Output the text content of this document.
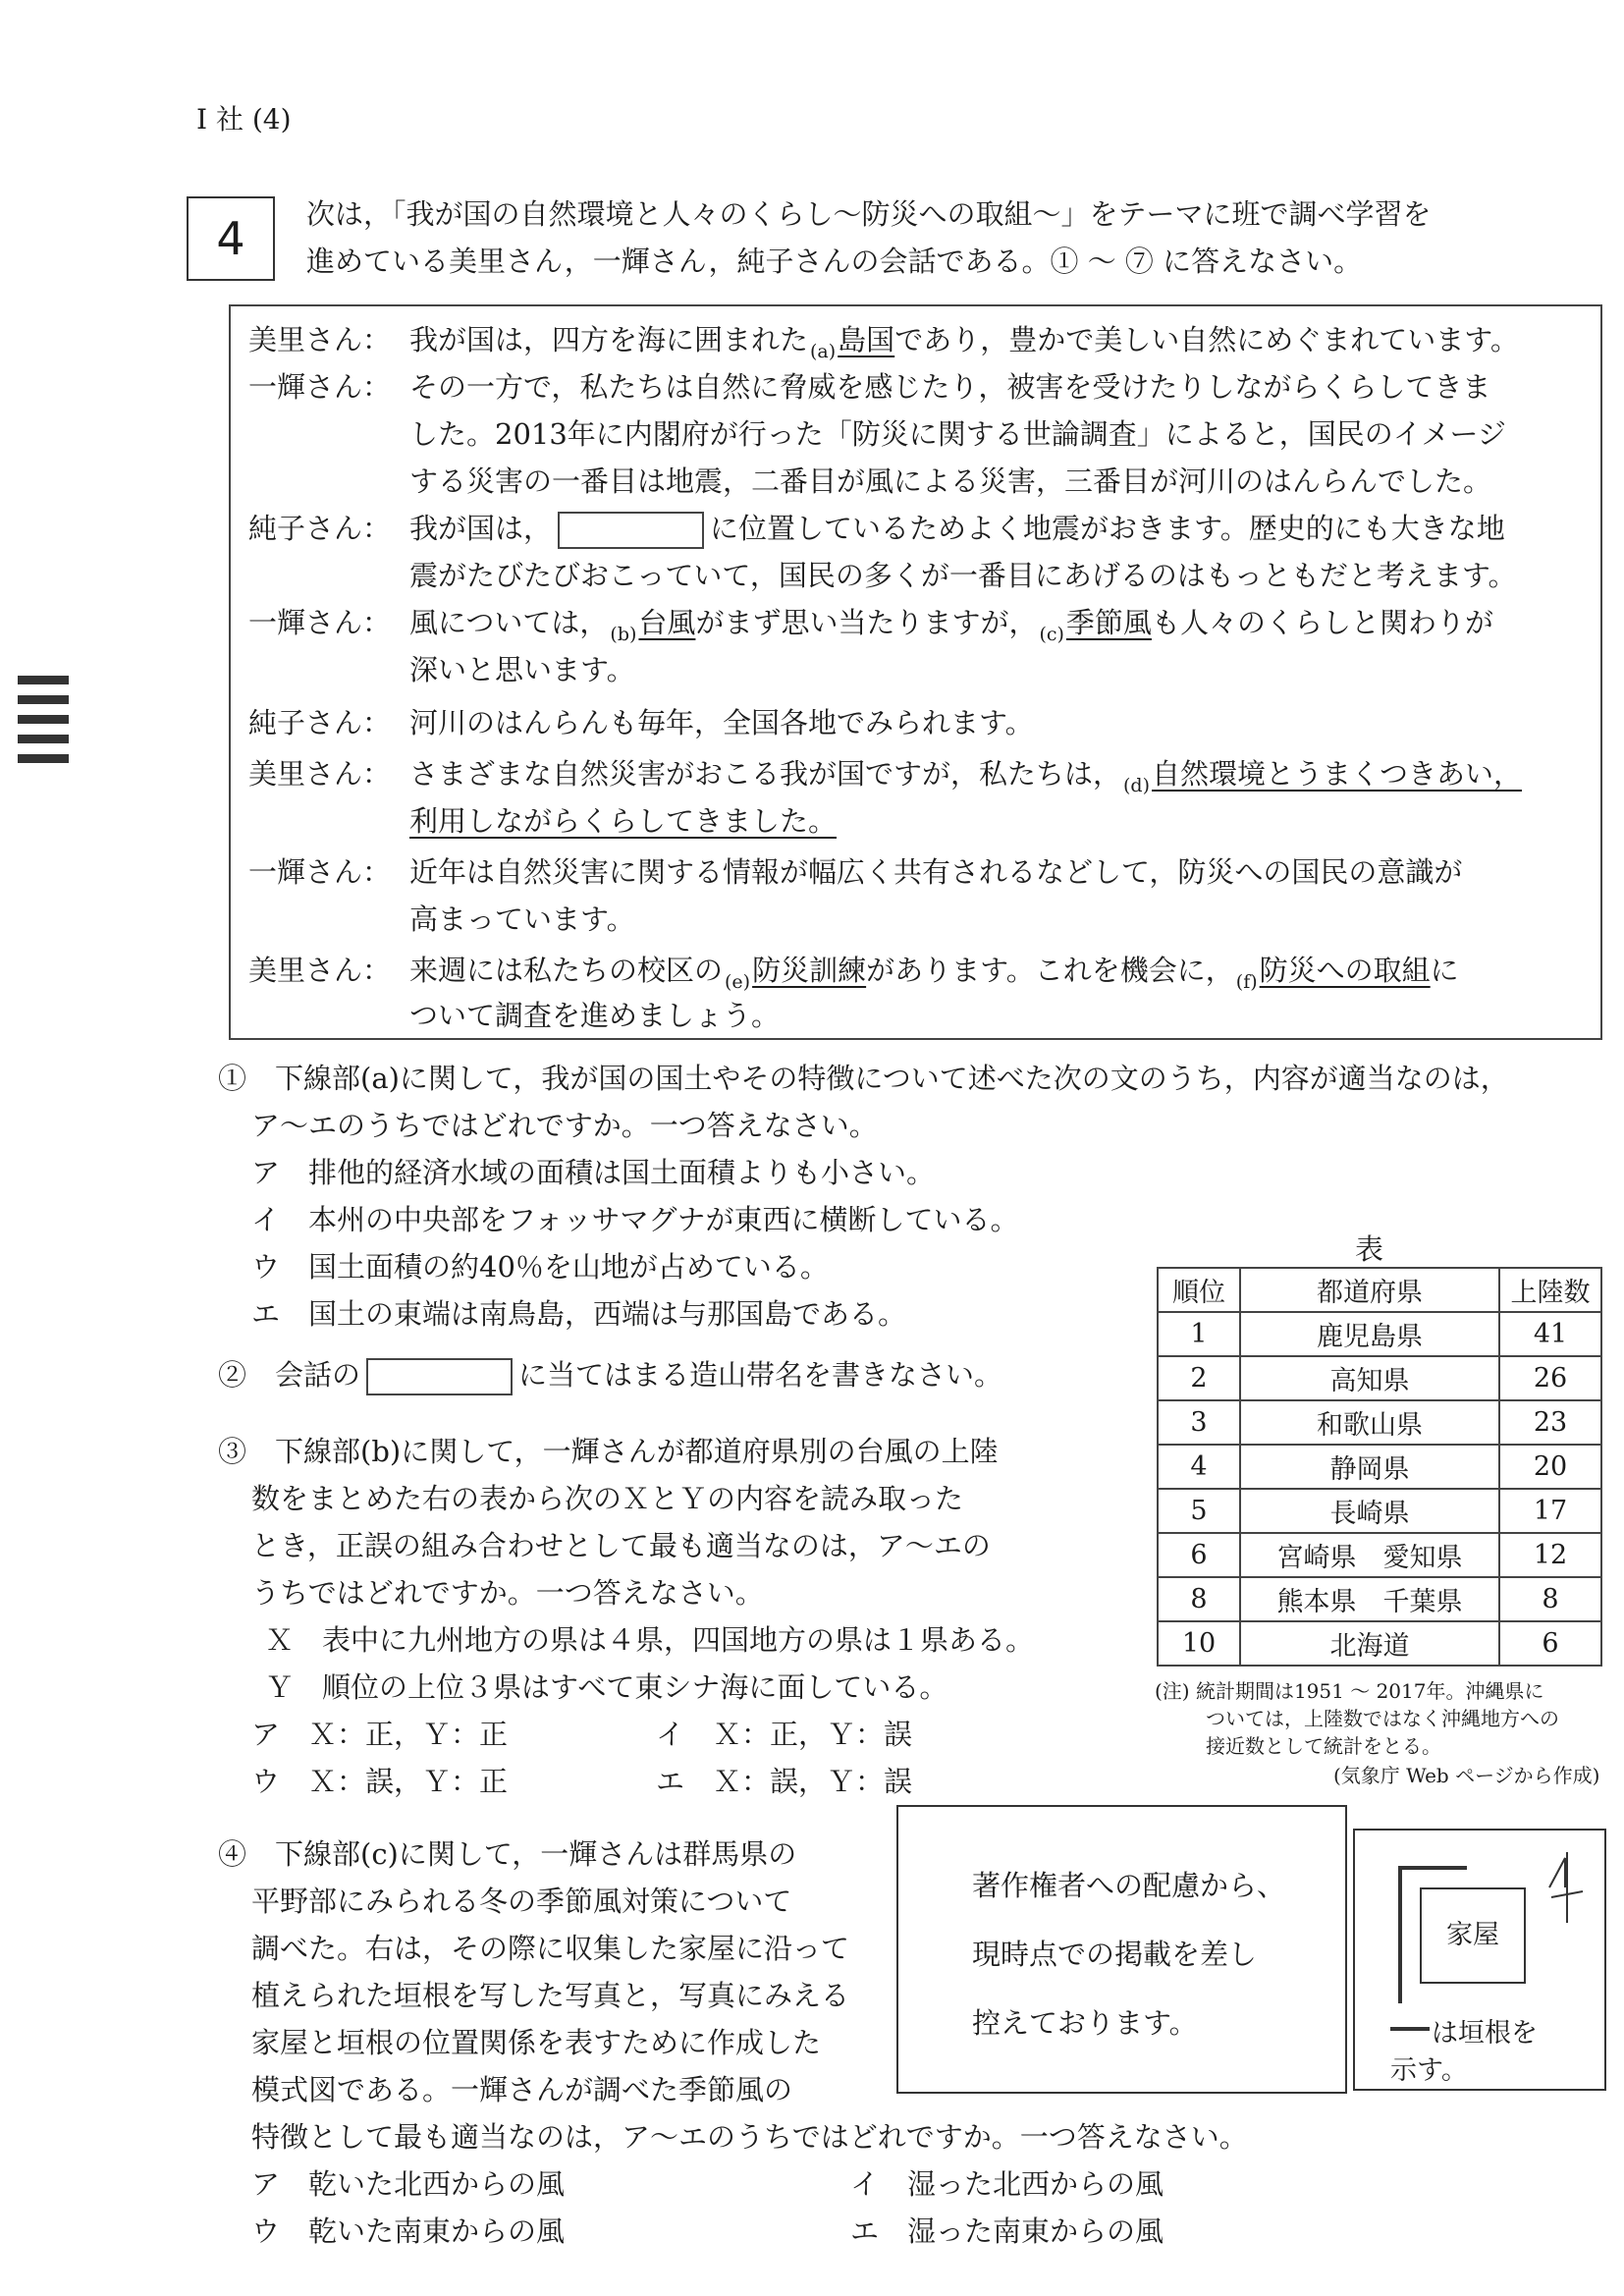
I 社 (4)
4	次は，「我が国の自然環境と人々のくらし〜防災への取組〜」をテーマに班で調べ学習を
進めている美里さん，一輝さん，純子さんの会話である。① 〜 ⑦ に答えなさい。
美里さん： 我が国は，四方を海に囲まれた $_{(a)}$島国であり，豊かで美しい自然にめぐまれています。
一輝さん： その一方で，私たちは自然に脅威を感じたり，被害を受けたりしながらくらしてきま
した。2013年に内閣府が行った「防災に関する世論調査」によると，国民のイメージ
する災害の一番目は地震，二番目が風による災害，三番目が河川のはんらんでした。
純子さん： 我が国は，	に位置しているためよく地震がおきます。歴史的にも大きな地
震がたびたびおこっていて，国民の多くが一番目にあげるのはもっともだと考えます。
一輝さん： 風については， $_{(b)}$台風がまず思い当たりますが， $_{(c)}$季節風も人々のくらしと関わりが
深いと思います。
純子さん： 河川のはんらんも毎年，全国各地でみられます。
美里さん： さまざまな自然災害がおこる我が国ですが，私たちは， $_{(d)}$自然環境とうまくつきあい，
利用しながらくらしてきました。
一輝さん： 近年は自然災害に関する情報が幅広く共有されるなどして，防災への国民の意識が
高まっています。
美里さん： 来週には私たちの校区の $_{(e)}$防災訓練があります。これを機会に， $_{(f)}$防災への取組に
ついて調査を進めましょう。
①　下線部(a)に関して，我が国の国土やその特徴について述べた次の文のうち，内容が適当なのは，
ア〜エのうちではどれですか。一つ答えなさい。
ア　排他的経済水域の面積は国土面積よりも小さい。
イ　本州の中央部をフォッサマグナが東西に横断している。
ウ　国土面積の約40％を山地が占めている。
エ　国土の東端は南鳥島，西端は与那国島である。
②　会話の	に当てはまる造山帯名を書きなさい。
③　下線部(b)に関して，一輝さんが都道府県別の台風の上陸
数をまとめた右の表から次のＸとＹの内容を読み取った
とき，正誤の組み合わせとして最も適当なのは，ア〜エの
うちではどれですか。一つ答えなさい。
Ｘ　表中に九州地方の県は４県，四国地方の県は１県ある。
Ｙ　順位の上位３県はすべて東シナ海に面している。
ア　Ｘ：正，Ｙ：正	イ　Ｘ：正，Ｙ：誤
ウ　Ｘ：誤，Ｙ：正	エ　Ｘ：誤，Ｙ：誤
表
順位	都道府県	上陸数
1	鹿児島県	41
2	高知県	26
3	和歌山県	23
4	静岡県	20
5	長崎県	17
6	宮崎県　愛知県	12
8	熊本県　千葉県	8
10	北海道	6
(注) 統計期間は1951 〜 2017年。沖縄県に
ついては，上陸数ではなく沖縄地方への
接近数として統計をとる。
(気象庁 Web ページから作成)
④　下線部(c)に関して，一輝さんは群馬県の
平野部にみられる冬の季節風対策について
調べた。右は，その際に収集した家屋に沿って
植えられた垣根を写した写真と，写真にみえる
家屋と垣根の位置関係を表すために作成した
模式図である。一輝さんが調べた季節風の
特徴として最も適当なのは，ア〜エのうちではどれですか。一つ答えなさい。
ア　乾いた北西からの風	イ　湿った北西からの風
ウ　乾いた南東からの風	エ　湿った南東からの風
著作権者への配慮から、
現時点での掲載を差し
控えております。
家屋
は垣根を
示す。
